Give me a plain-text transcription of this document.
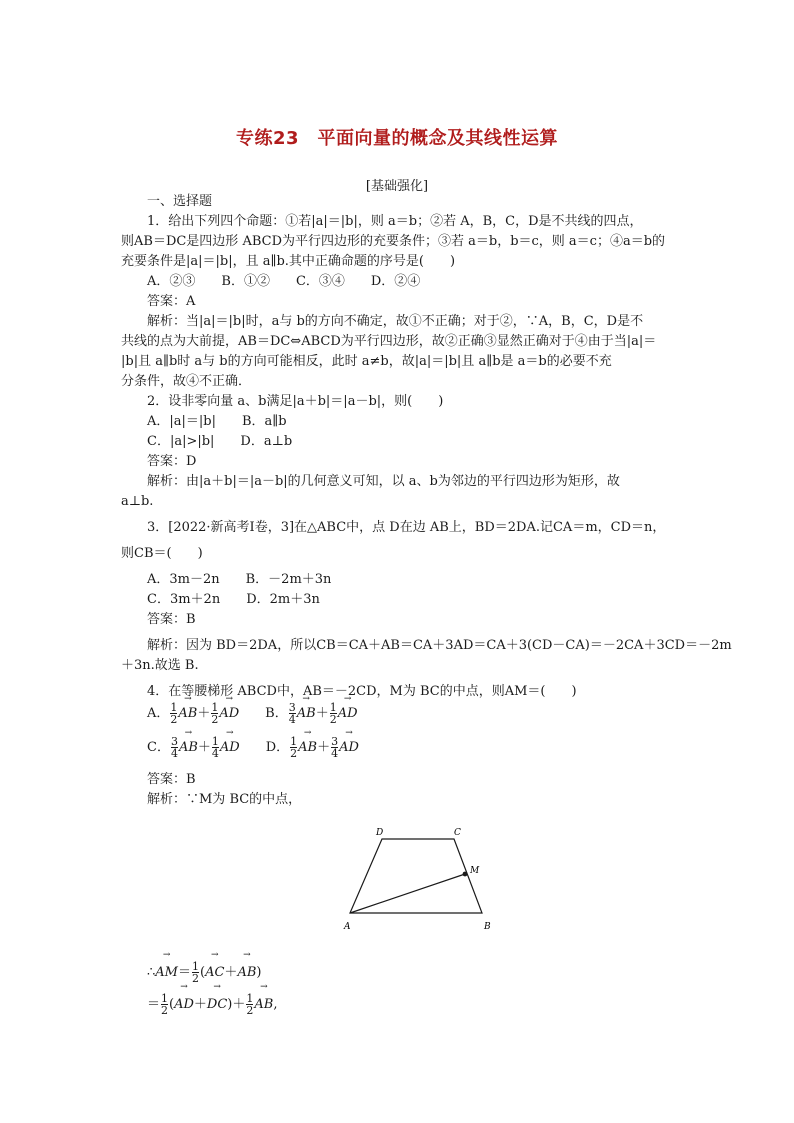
专练23　平面向量的概念及其线性运算
[基础强化]
一、选择题
1．给出下列四个命题：①若|a|＝|b|，则 a＝b；②若 A，B，C，D是不共线的四点，
则AB＝DC是四边形 ABCD为平行四边形的充要条件；③若 a＝b，b＝c，则 a＝c；④a＝b的
充要条件是|a|＝|b|，且 a∥b.其中正确命题的序号是(　　)
A．②③　　B．①②　　C．③④　　D．②④
答案：A
解析：当|a|＝|b|时，a与 b的方向不确定，故①不正确；对于②，∵A，B，C，D是不
共线的点为大前提，AB＝DC⇔ABCD为平行四边形，故②正确③显然正确对于④由于当|a|＝
|b|且 a∥b时 a与 b的方向可能相反，此时 a≠b，故|a|＝|b|且 a∥b是 a＝b的必要不充
分条件，故④不正确．
2．设非零向量 a、b满足|a＋b|＝|a－b|，则(　　)
A．|a|＝|b|　　B．a∥b
C．|a|>|b|　　D．a⊥b
答案：D
解析：由|a＋b|＝|a－b|的几何意义可知，以 a、b为邻边的平行四边形为矩形，故
a⊥b.
3．[2022·新高考Ⅰ卷，3]在△ABC中，点 D在边 AB上，BD＝2DA.记CA＝m，CD＝n，
则CB＝(　　)
A．3m－2n　　B．－2m＋3n
C．3m＋2n　　D．2m＋3n
答案：B
解析：因为 BD＝2DA，所以CB＝CA＋AB＝CA＋3AD＝CA＋3(CD－CA)＝－2CA＋3CD＝－2m
＋3n.故选 B.
4．在等腰梯形 ABCD中，AB＝－2CD，M为 BC的中点，则AM＝(　　)
A． $\frac{1}{2}$
→ $AB+ \frac{1}{2}$
→ AD　　B． $\frac{3}{4}$
→ $AB+ \frac{1}{2}$
→ AD
C． $\frac{3}{4}$
→ $AB+ \frac{1}{4}$
→ AD　　D． $\frac{1}{2}$
→ $AB+ \frac{3}{4}$
→ AD
答案：B
解析：∵M为 BC的中点，
A	B
C
D
M
∴→ $AM= \frac{1}{2}$ (→ AC＋→ AB)
＝ $\frac{1}{2}$ (→ $AD+\to DC)+ \frac{1}{2}$
→ AB,
